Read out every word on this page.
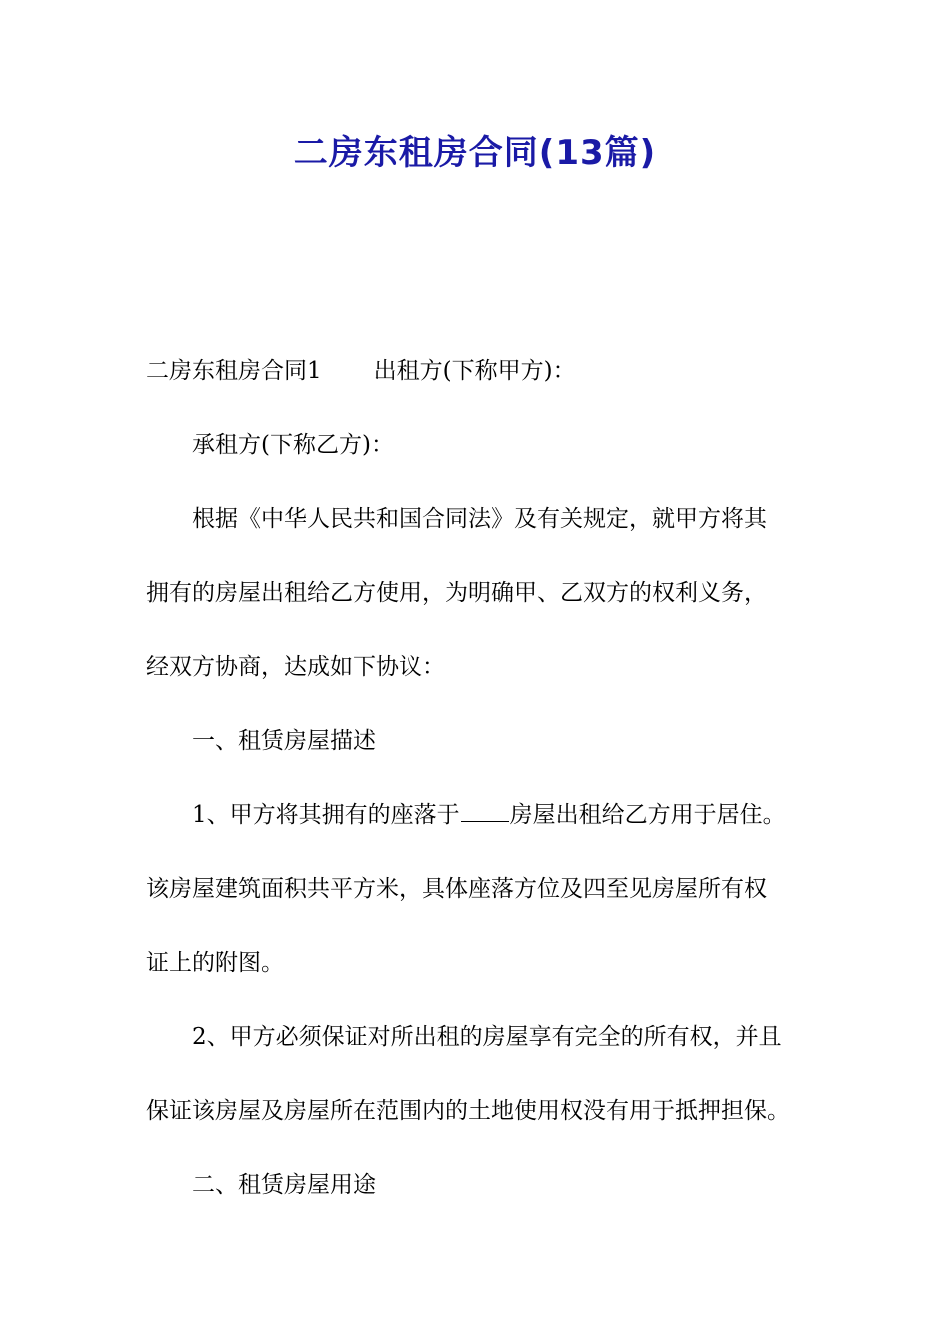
二房东租房合同(13篇)

二房东租房合同1 出租方(下称甲方)：

承租方(下称乙方)：

根据《中华人民共和国合同法》及有关规定，就甲方将其

拥有的房屋出租给乙方使用，为明确甲、乙双方的权利义务，

经双方协商，达成如下协议：

一、租赁房屋描述

1、甲方将其拥有的座落于 房屋出租给乙方用于居住。

该房屋建筑面积共平方米，具体座落方位及四至见房屋所有权

证上的附图。

2、甲方必须保证对所出租的房屋享有完全的所有权，并且

保证该房屋及房屋所在范围内的土地使用权没有用于抵押担保。

二、租赁房屋用途
